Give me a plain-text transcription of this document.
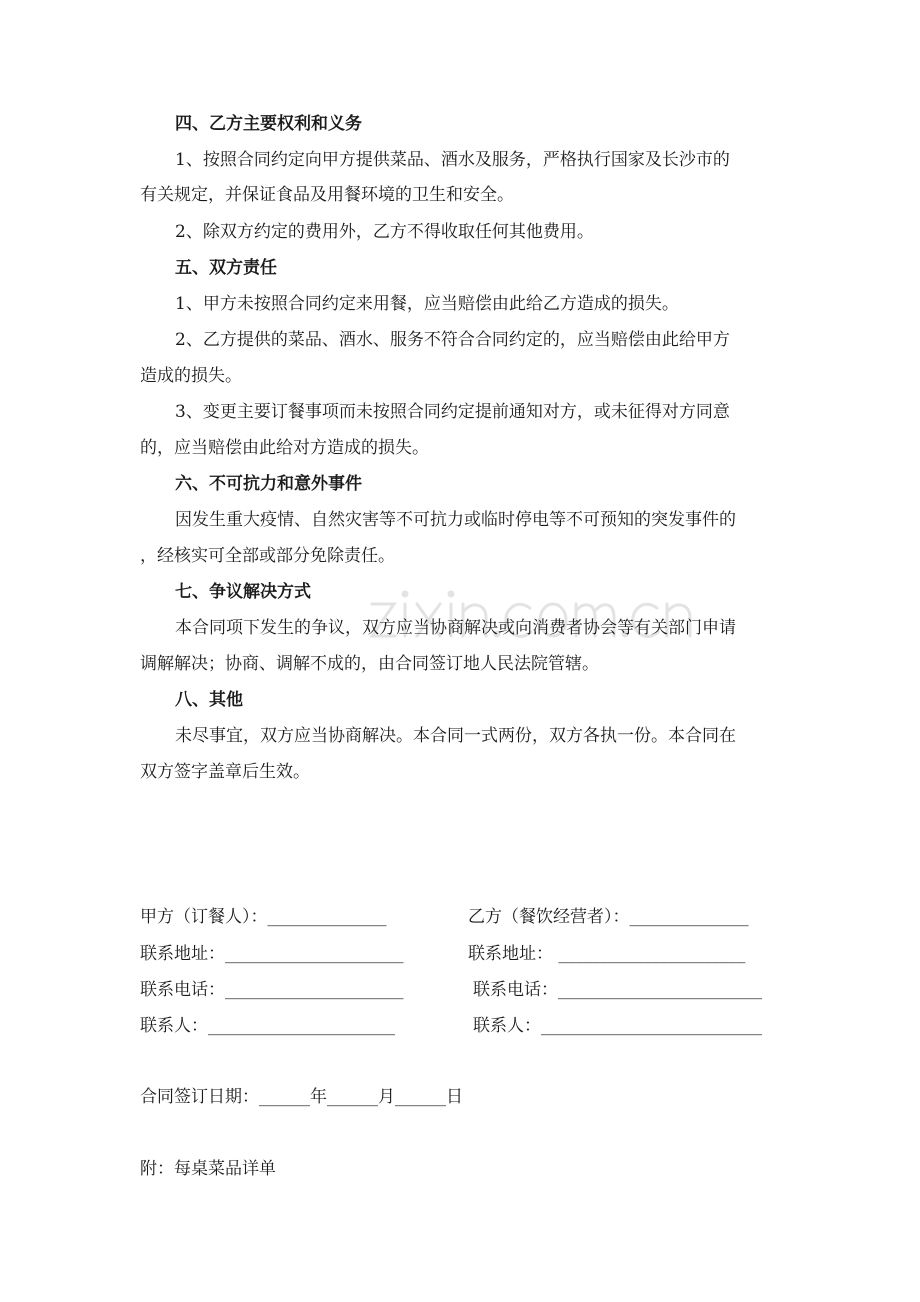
四、乙方主要权利和义务
1、按照合同约定向甲方提供菜品、酒水及服务，严格执行国家及长沙市的
有关规定，并保证食品及用餐环境的卫生和安全。
2、除双方约定的费用外，乙方不得收取任何其他费用。
五、双方责任
1、甲方未按照合同约定来用餐，应当赔偿由此给乙方造成的损失。
2、乙方提供的菜品、酒水、服务不符合合同约定的，应当赔偿由此给甲方
造成的损失。
3、变更主要订餐事项而未按照合同约定提前通知对方，或未征得对方同意
的，应当赔偿由此给对方造成的损失。
六、不可抗力和意外事件
因发生重大疫情、自然灾害等不可抗力或临时停电等不可预知的突发事件的
，经核实可全部或部分免除责任。
七、争议解决方式
本合同项下发生的争议，双方应当协商解决或向消费者协会等有关部门申请
调解解决；协商、调解不成的，由合同签订地人民法院管辖。
八、其他
未尽事宜，双方应当协商解决。本合同一式两份，双方各执一份。本合同在
双方签字盖章后生效。
甲方（订餐人）：______________	乙方（餐饮经营者）：______________
联系地址：_____________________	联系地址： ______________________
联系电话：_____________________	联系电话：________________________
联系人：______________________	联系人：__________________________
合同签订日期：______年______月______日
附：每桌菜品详单
